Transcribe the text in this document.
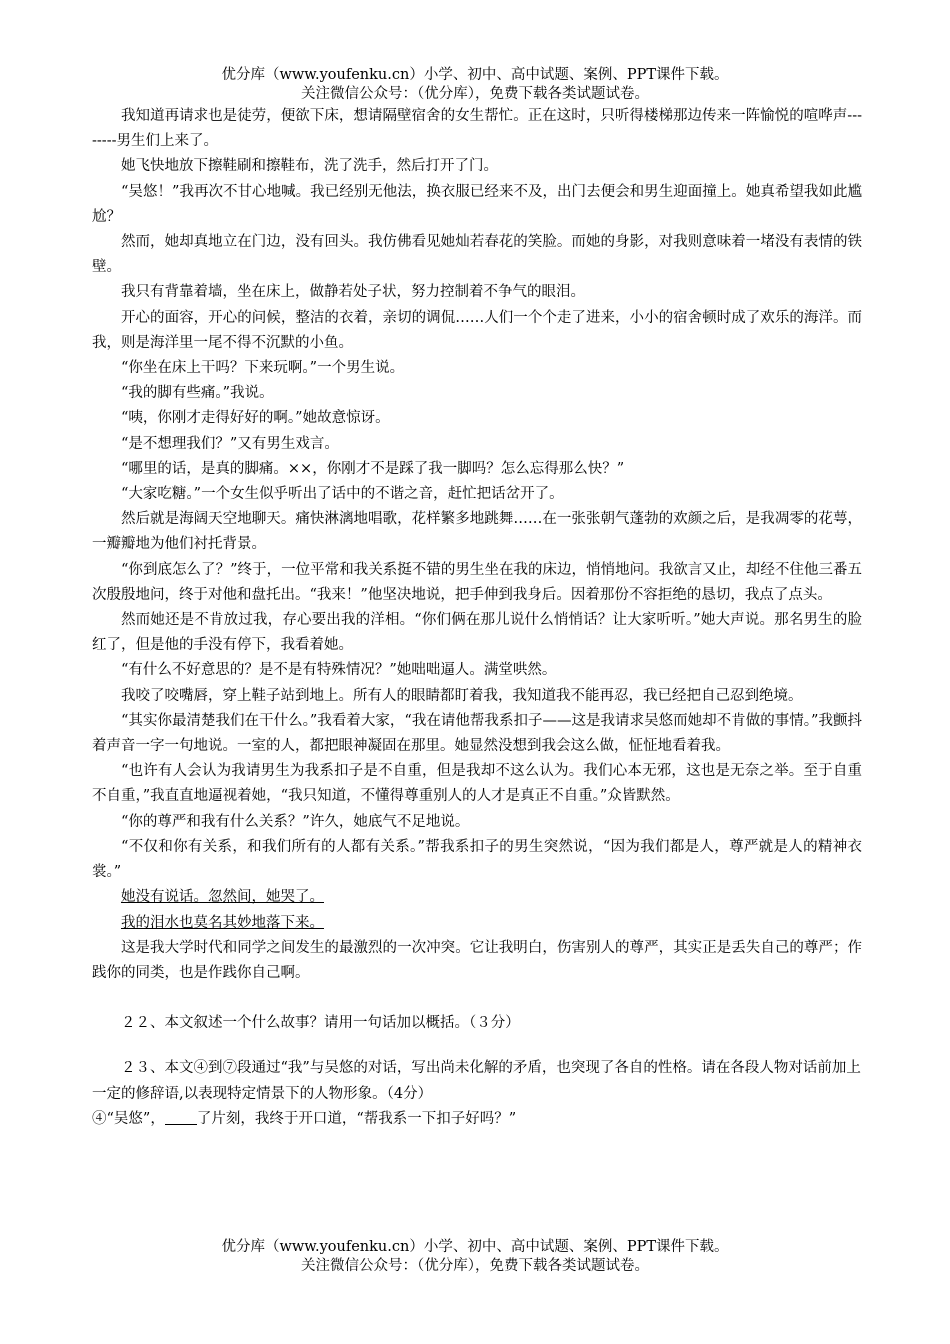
优分库（www.youfenku.cn）小学、初中、高中试题、案例、PPT课件下载。
关注微信公众号：（优分库），免费下载各类试题试卷。

我知道再请求也是徒劳，便欲下床，想请隔壁宿舍的女生帮忙。正在这时，只听得楼梯那边传来一阵愉悦的喧哗声--------男生们上来了。

她飞快地放下擦鞋刷和擦鞋布，洗了洗手，然后打开了门。

“吴悠！”我再次不甘心地喊。我已经别无他法，换衣服已经来不及，出门去便会和男生迎面撞上。她真希望我如此尴尬？

然而，她却真地立在门边，没有回头。我仿佛看见她灿若春花的笑脸。而她的身影，对我则意味着一堵没有表情的铁壁。

我只有背靠着墙，坐在床上，做静若处子状，努力控制着不争气的眼泪。

开心的面容，开心的问候，整洁的衣着，亲切的调侃……人们一个个走了进来，小小的宿舍顿时成了欢乐的海洋。而我，则是海洋里一尾不得不沉默的小鱼。

“你坐在床上干吗？下来玩啊。”一个男生说。

“我的脚有些痛。”我说。

“咦，你刚才走得好好的啊。”她故意惊讶。

“是不想理我们？”又有男生戏言。

“哪里的话，是真的脚痛。××，你刚才不是踩了我一脚吗？怎么忘得那么快？”

“大家吃糖。”一个女生似乎听出了话中的不谐之音，赶忙把话岔开了。

然后就是海阔天空地聊天。痛快淋漓地唱歌，花样繁多地跳舞……在一张张朝气蓬勃的欢颜之后，是我凋零的花萼，一瓣瓣地为他们衬托背景。

“你到底怎么了？”终于，一位平常和我关系挺不错的男生坐在我的床边，悄悄地问。我欲言又止，却经不住他三番五次殷殷地问，终于对他和盘托出。“我来！”他坚决地说，把手伸到我身后。因着那份不容拒绝的恳切，我点了点头。

然而她还是不肯放过我，存心要出我的洋相。“你们俩在那儿说什么悄悄话？让大家听听。”她大声说。那名男生的脸红了，但是他的手没有停下，我看着她。

“有什么不好意思的？是不是有特殊情况？”她咄咄逼人。满堂哄然。

我咬了咬嘴唇，穿上鞋子站到地上。所有人的眼睛都盯着我，我知道我不能再忍，我已经把自己忍到绝境。

“其实你最清楚我们在干什么。”我看着大家，“我在请他帮我系扣子——这是我请求吴悠而她却不肯做的事情。”我颤抖着声音一字一句地说。一室的人，都把眼神凝固在那里。她显然没想到我会这么做，怔怔地看着我。

“也许有人会认为我请男生为我系扣子是不自重，但是我却不这么认为。我们心本无邪，这也是无奈之举。至于自重不自重，”我直直地逼视着她，“我只知道，不懂得尊重别人的人才是真正不自重。”众皆默然。

“你的尊严和我有什么关系？”许久，她底气不足地说。

“不仅和你有关系，和我们所有的人都有关系。”帮我系扣子的男生突然说，“因为我们都是人，尊严就是人的精神衣裳。”

她没有说话。忽然间，她哭了。

我的泪水也莫名其妙地落下来。

这是我大学时代和同学之间发生的最激烈的一次冲突。它让我明白，伤害别人的尊严，其实正是丢失自己的尊严；作践你的同类，也是作践你自己啊。

２２、本文叙述一个什么故事？请用一句话加以概括。（３分）

２３、本文④到⑦段通过“我”与吴悠的对话，写出尚未化解的矛盾，也突现了各自的性格。请在各段人物对话前加上一定的修辞语,以表现特定情景下的人物形象。（4分）

④“吴悠”， 了片刻，我终于开口道，“帮我系一下扣子好吗？”

优分库（www.youfenku.cn）小学、初中、高中试题、案例、PPT课件下载。
关注微信公众号：（优分库），免费下载各类试题试卷。
